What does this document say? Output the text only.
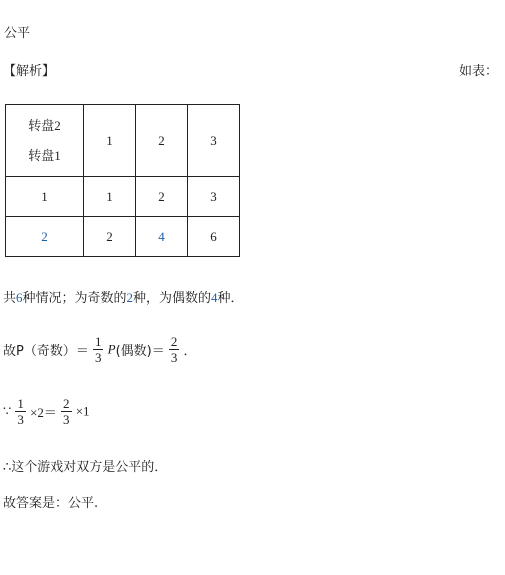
公平
【解析】	如表：
转盘2
转盘1	1	2	3
1	1	2	3
2	2	4	6
共6种情况；为奇数的2种，为偶数的4种．
故P（奇数）＝ $\frac{1}{3} P$(偶数)＝ $\frac{2}{3}$ ．
∵ $\frac{1}{3} \times 2= \frac{2}{3} \times 1$
∴这个游戏对双方是公平的．
故答案是：公平.
